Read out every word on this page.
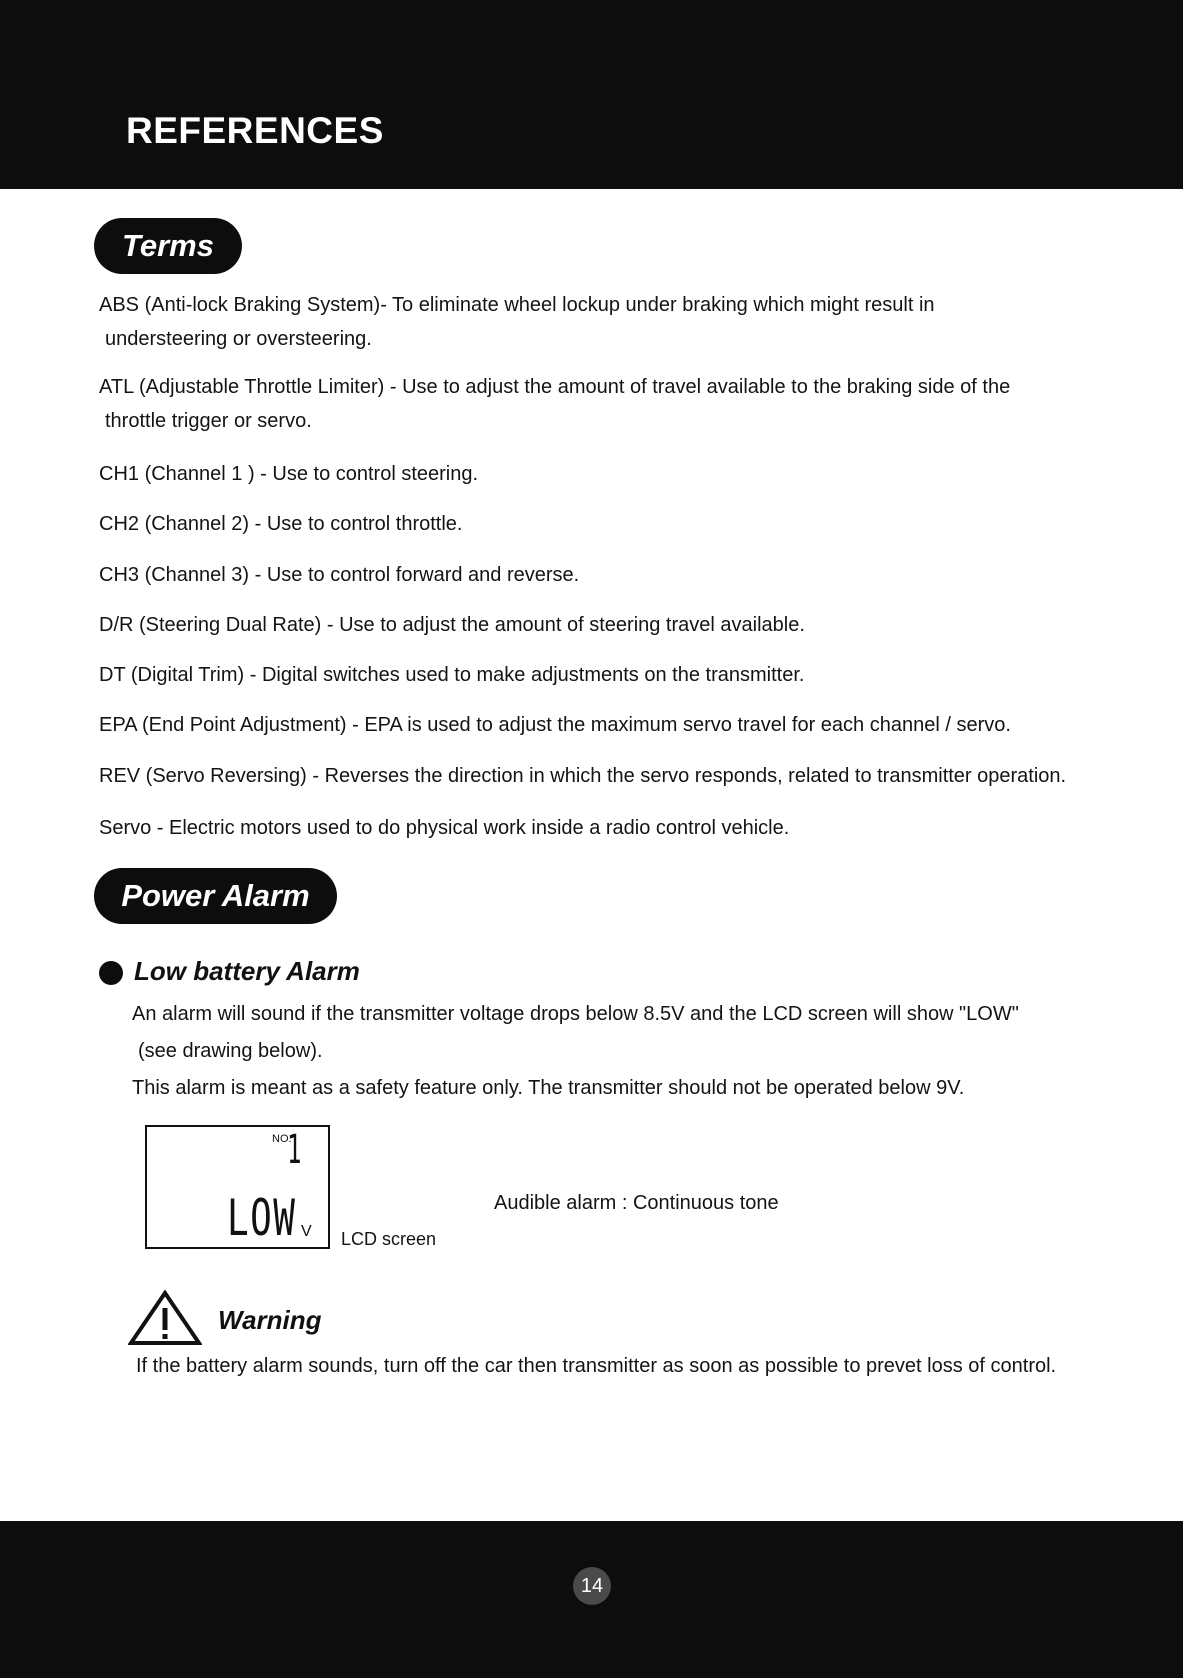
REFERENCES
Terms
ABS (Anti-lock Braking System)- To eliminate wheel lockup under braking which might result in
understeering or oversteering.
ATL (Adjustable Throttle Limiter) - Use to adjust the amount of travel available to the braking side of the
throttle trigger or servo.
CH1 (Channel 1 ) - Use to control steering.
CH2 (Channel 2) - Use to control throttle.
CH3 (Channel 3) - Use to control forward and reverse.
D/R (Steering Dual Rate) - Use to adjust the amount of steering travel available.
DT (Digital Trim) - Digital switches used to make adjustments on the transmitter.
EPA (End Point Adjustment) - EPA is used to adjust the maximum servo travel for each channel / servo.
REV (Servo Reversing) - Reverses the direction in which the servo responds, related to transmitter operation.
Servo - Electric motors used to do physical work inside a radio control vehicle.
Power Alarm
Low battery Alarm
An alarm will sound if the transmitter voltage drops below 8.5V and the LCD screen will show "LOW"
(see drawing below).
This alarm is meant as a safety feature only. The transmitter should not be operated below 9V.
NO.
1
LOW V LCD screen
Audible alarm : Continuous tone
Warning
If the battery alarm sounds, turn off the car then transmitter as soon as possible to prevet loss of control.
14
